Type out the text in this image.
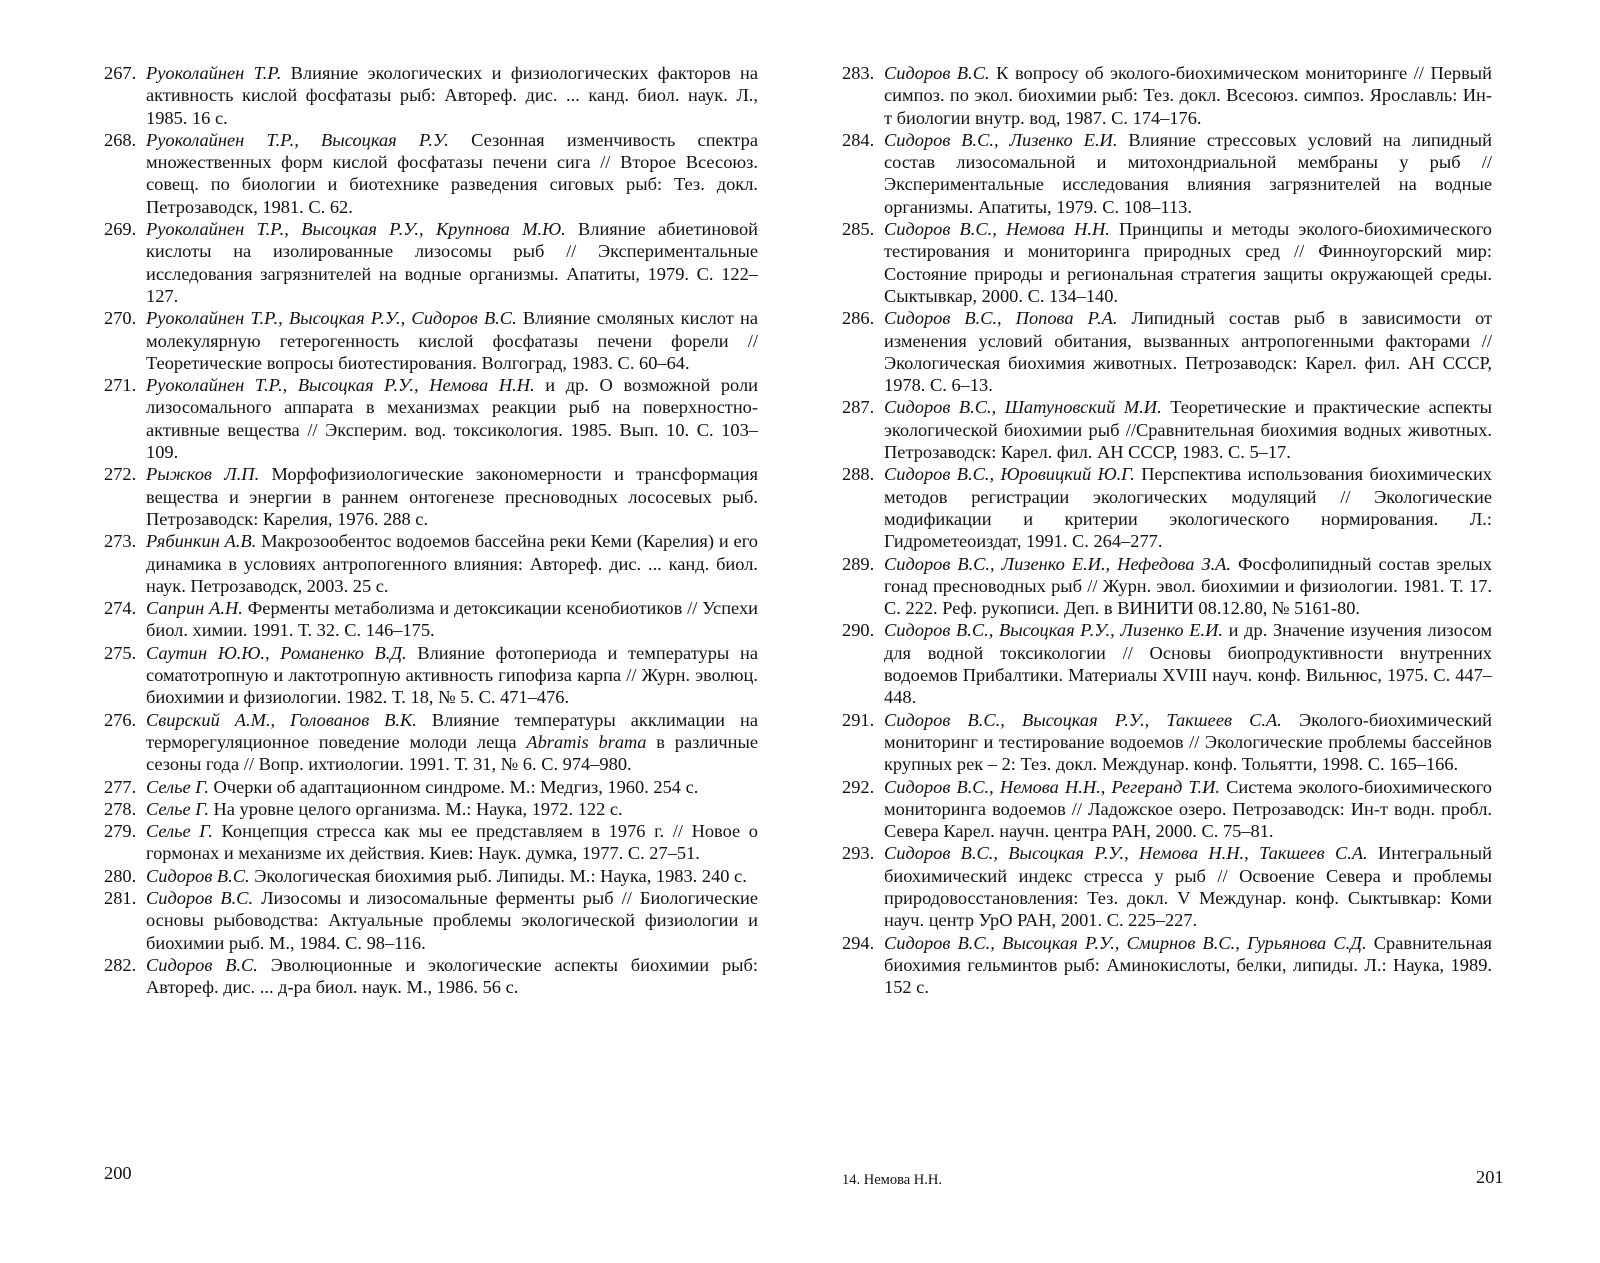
267. Руоколайнен Т.Р. Влияние экологических и физиологических факторов на активность кислой фосфатазы рыб: Автореф. дис. ... канд. биол. наук. Л., 1985. 16 с.
268. Руоколайнен Т.Р., Высоцкая Р.У. Сезонная изменчивость спектра множественных форм кислой фосфатазы печени сига // Второе Всесоюз. совещ. по биологии и биотехнике разведения сиговых рыб: Тез. докл. Петрозаводск, 1981. С. 62.
269. Руоколайнен Т.Р., Высоцкая Р.У., Крупнова М.Ю. Влияние абиетиновой кислоты на изолированные лизосомы рыб // Экспериментальные исследования загрязнителей на водные организмы. Апатиты, 1979. С. 122–127.
270. Руоколайнен Т.Р., Высоцкая Р.У., Сидоров В.С. Влияние смоляных кислот на молекулярную гетерогенность кислой фосфатазы печени форели // Теоретические вопросы биотестирования. Волгоград, 1983. С. 60–64.
271. Руоколайнен Т.Р., Высоцкая Р.У., Немова Н.Н. и др. О возможной роли лизосомального аппарата в механизмах реакции рыб на поверхностно-активные вещества // Эксперим. вод. токсикология. 1985. Вып. 10. С. 103–109.
272. Рыжков Л.П. Морфофизиологические закономерности и трансформация вещества и энергии в раннем онтогенезе пресноводных лососевых рыб. Петрозаводск: Карелия, 1976. 288 с.
273. Рябинкин А.В. Макрозообентос водоемов бассейна реки Кеми (Карелия) и его динамика в условиях антропогенного влияния: Автореф. дис. ... канд. биол. наук. Петрозаводск, 2003. 25 с.
274. Саприн А.Н. Ферменты метаболизма и детоксикации ксенобиотиков // Успехи биол. химии. 1991. Т. 32. С. 146–175.
275. Саутин Ю.Ю., Романенко В.Д. Влияние фотопериода и температуры на соматотропную и лактотропную активность гипофиза карпа // Журн. эволюц. биохимии и физиологии. 1982. Т. 18, № 5. С. 471–476.
276. Свирский А.М., Голованов В.К. Влияние температуры акклимации на терморегуляционное поведение молоди леща Abramis brama в различные сезоны года // Вопр. ихтиологии. 1991. Т. 31, № 6. С. 974–980.
277. Селье Г. Очерки об адаптационном синдроме. М.: Медгиз, 1960. 254 с.
278. Селье Г. На уровне целого организма. М.: Наука, 1972. 122 с.
279. Селье Г. Концепция стресса как мы ее представляем в 1976 г. // Новое о гормонах и механизме их действия. Киев: Наук. думка, 1977. С. 27–51.
280. Сидоров В.С. Экологическая биохимия рыб. Липиды. М.: Наука, 1983. 240 с.
281. Сидоров В.С. Лизосомы и лизосомальные ферменты рыб // Биологические основы рыбоводства: Актуальные проблемы экологической физиологии и биохимии рыб. М., 1984. С. 98–116.
282. Сидоров В.С. Эволюционные и экологические аспекты биохимии рыб: Автореф. дис. ... д-ра биол. наук. М., 1986. 56 с.
283. Сидоров В.С. К вопросу об эколого-биохимическом мониторинге // Первый симпоз. по экол. биохимии рыб: Тез. докл. Всесоюз. симпоз. Ярославль: Ин-т биологии внутр. вод, 1987. С. 174–176.
284. Сидоров В.С., Лизенко Е.И. Влияние стрессовых условий на липидный состав лизосомальной и митохондриальной мембраны у рыб // Экспериментальные исследования влияния загрязнителей на водные организмы. Апатиты, 1979. С. 108–113.
285. Сидоров В.С., Немова Н.Н. Принципы и методы эколого-биохимического тестирования и мониторинга природных сред // Финноугорский мир: Состояние природы и региональная стратегия защиты окружающей среды. Сыктывкар, 2000. С. 134–140.
286. Сидоров В.С., Попова Р.А. Липидный состав рыб в зависимости от изменения условий обитания, вызванных антропогенными факторами // Экологическая биохимия животных. Петрозаводск: Карел. фил. АН СССР, 1978. С. 6–13.
287. Сидоров В.С., Шатуновский М.И. Теоретические и практические аспекты экологической биохимии рыб //Сравнительная биохимия водных животных. Петрозаводск: Карел. фил. АН СССР, 1983. С. 5–17.
288. Сидоров В.С., Юровицкий Ю.Г. Перспектива использования биохимических методов регистрации экологических модуляций // Экологические модификации и критерии экологического нормирования. Л.: Гидрометеоиздат, 1991. С. 264–277.
289. Сидоров В.С., Лизенко Е.И., Нефедова З.А. Фосфолипидный состав зрелых гонад пресноводных рыб // Журн. эвол. биохимии и физиологии. 1981. Т. 17. С. 222. Реф. рукописи. Деп. в ВИНИТИ 08.12.80, № 5161-80.
290. Сидоров В.С., Высоцкая Р.У., Лизенко Е.И. и др. Значение изучения лизосом для водной токсикологии // Основы биопродуктивности внутренних водоемов Прибалтики. Материалы XVIII науч. конф. Вильнюс, 1975. С. 447–448.
291. Сидоров В.С., Высоцкая Р.У., Такшеев С.А. Эколого-биохимический мониторинг и тестирование водоемов // Экологические проблемы бассейнов крупных рек – 2: Тез. докл. Междунар. конф. Тольятти, 1998. С. 165–166.
292. Сидоров В.С., Немова Н.Н., Регеранд Т.И. Система эколого-биохимического мониторинга водоемов // Ладожское озеро. Петрозаводск: Ин-т водн. пробл. Севера Карел. научн. центра РАН, 2000. С. 75–81.
293. Сидоров В.С., Высоцкая Р.У., Немова Н.Н., Такшеев С.А. Интегральный биохимический индекс стресса у рыб // Освоение Севера и проблемы природовосстановления: Тез. докл. V Междунар. конф. Сыктывкар: Коми науч. центр УрО РАН, 2001. С. 225–227.
294. Сидоров В.С., Высоцкая Р.У., Смирнов В.С., Гурьянова С.Д. Сравнительная биохимия гельминтов рыб: Аминокислоты, белки, липиды. Л.: Наука, 1989. 152 с.
200	14. Немова Н.Н.	201
